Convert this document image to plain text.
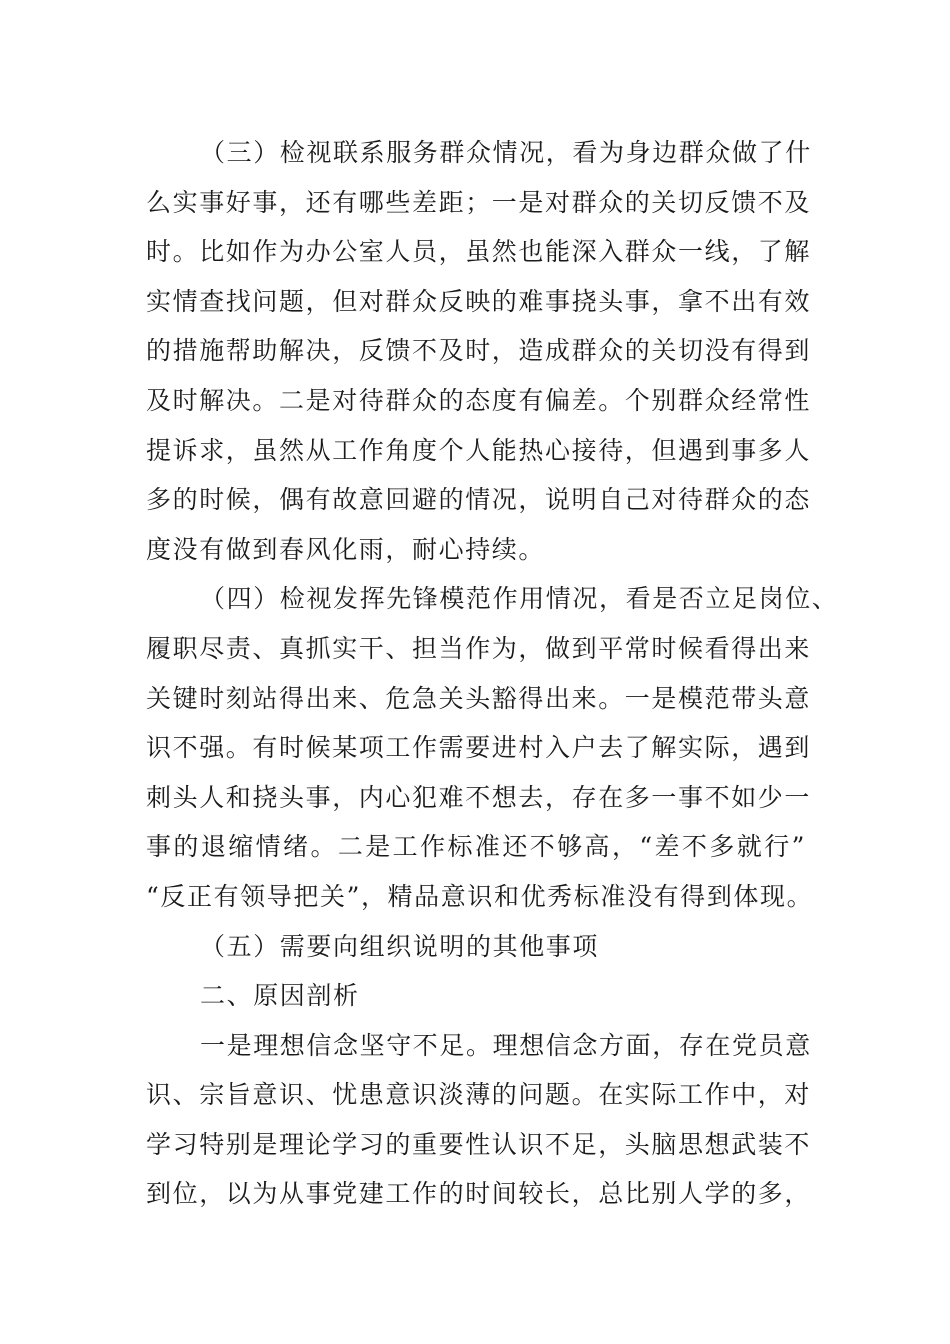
（三）检视联系服务群众情况，看为身边群众做了什
么实事好事，还有哪些差距；一是对群众的关切反馈不及
时。比如作为办公室人员，虽然也能深入群众一线，了解
实情查找问题，但对群众反映的难事挠头事，拿不出有效
的措施帮助解决，反馈不及时，造成群众的关切没有得到
及时解决。二是对待群众的态度有偏差。个别群众经常性
提诉求，虽然从工作角度个人能热心接待，但遇到事多人
多的时候，偶有故意回避的情况，说明自己对待群众的态
度没有做到春风化雨，耐心持续。
（四）检视发挥先锋模范作用情况，看是否立足岗位、
履职尽责、真抓实干、担当作为，做到平常时候看得出来
关键时刻站得出来、危急关头豁得出来。一是模范带头意
识不强。有时候某项工作需要进村入户去了解实际，遇到
刺头人和挠头事，内心犯难不想去，存在多一事不如少一
事的退缩情绪。二是工作标准还不够高，“差不多就行”
“反正有领导把关”，精品意识和优秀标准没有得到体现。
（五）需要向组织说明的其他事项
二、原因剖析
一是理想信念坚守不足。理想信念方面，存在党员意
识、宗旨意识、忧患意识淡薄的问题。在实际工作中，对
学习特别是理论学习的重要性认识不足，头脑思想武装不
到位，以为从事党建工作的时间较长，总比别人学的多，
